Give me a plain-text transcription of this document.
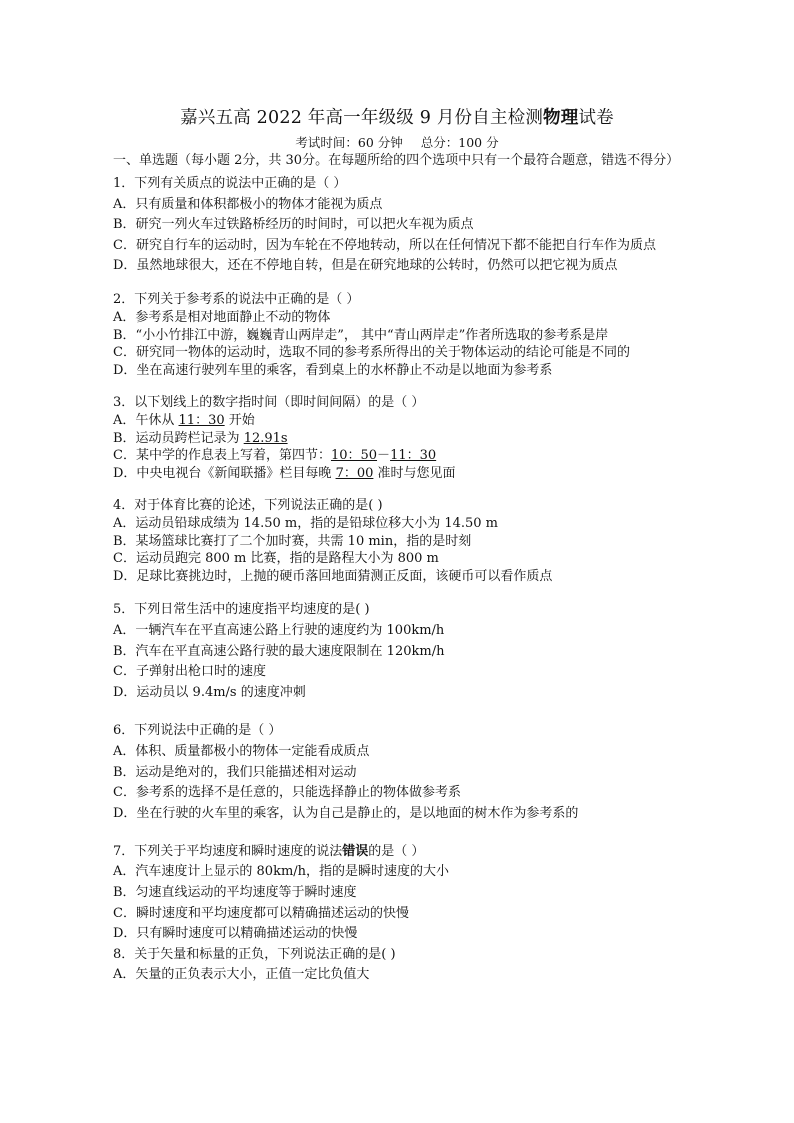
嘉兴五高 2022 年高一年级级 9 月份自主检测物理试卷
考试时间：60 分钟 总分：100 分
一、单选题（每小题 2分，共 30分。在每题所给的四个选项中只有一个最符合题意，错选不得分）
1．下列有关质点的说法中正确的是（ ）
A．只有质量和体积都极小的物体才能视为质点
B．研究一列火车过铁路桥经历的时间时，可以把火车视为质点
C．研究自行车的运动时，因为车轮在不停地转动，所以在任何情况下都不能把自行车作为质点
D．虽然地球很大，还在不停地自转，但是在研究地球的公转时，仍然可以把它视为质点
2．下列关于参考系的说法中正确的是（ ）
A．参考系是相对地面静止不动的物体
B．“小小竹排江中游，巍巍青山两岸走”， 其中“青山两岸走”作者所选取的参考系是岸
C．研究同一物体的运动时，选取不同的参考系所得出的关于物体运动的结论可能是不同的
D．坐在高速行驶列车里的乘客，看到桌上的水杯静止不动是以地面为参考系
3．以下划线上的数字指时间（即时间间隔）的是（ ）
A．午休从 11：30 开始
B．运动员跨栏记录为 12.91s
C．某中学的作息表上写着，第四节：10：50－11：30
D．中央电视台《新闻联播》栏目每晚 7：00 准时与您见面
4．对于体育比赛的论述，下列说法正确的是( )
A．运动员铅球成绩为 14.50 m，指的是铅球位移大小为 14.50 m
B．某场篮球比赛打了二个加时赛，共需 10 min，指的是时刻
C．运动员跑完 800 m 比赛，指的是路程大小为 800 m
D．足球比赛挑边时，上抛的硬币落回地面猜测正反面，该硬币可以看作质点
5．下列日常生活中的速度指平均速度的是( )
A．一辆汽车在平直高速公路上行驶的速度约为 100km/h
B．汽车在平直高速公路行驶的最大速度限制在 120km/h
C．子弹射出枪口时的速度
D．运动员以 9.4m/s 的速度冲刺
6．下列说法中正确的是（ ）
A．体积、质量都极小的物体一定能看成质点
B．运动是绝对的，我们只能描述相对运动
C．参考系的选择不是任意的，只能选择静止的物体做参考系
D．坐在行驶的火车里的乘客，认为自己是静止的，是以地面的树木作为参考系的
7．下列关于平均速度和瞬时速度的说法错误的是（ ）
A．汽车速度计上显示的 80km/h，指的是瞬时速度的大小
B．匀速直线运动的平均速度等于瞬时速度
C．瞬时速度和平均速度都可以精确描述运动的快慢
D．只有瞬时速度可以精确描述运动的快慢
8．关于矢量和标量的正负，下列说法正确的是( )
A．矢量的正负表示大小，正值一定比负值大
